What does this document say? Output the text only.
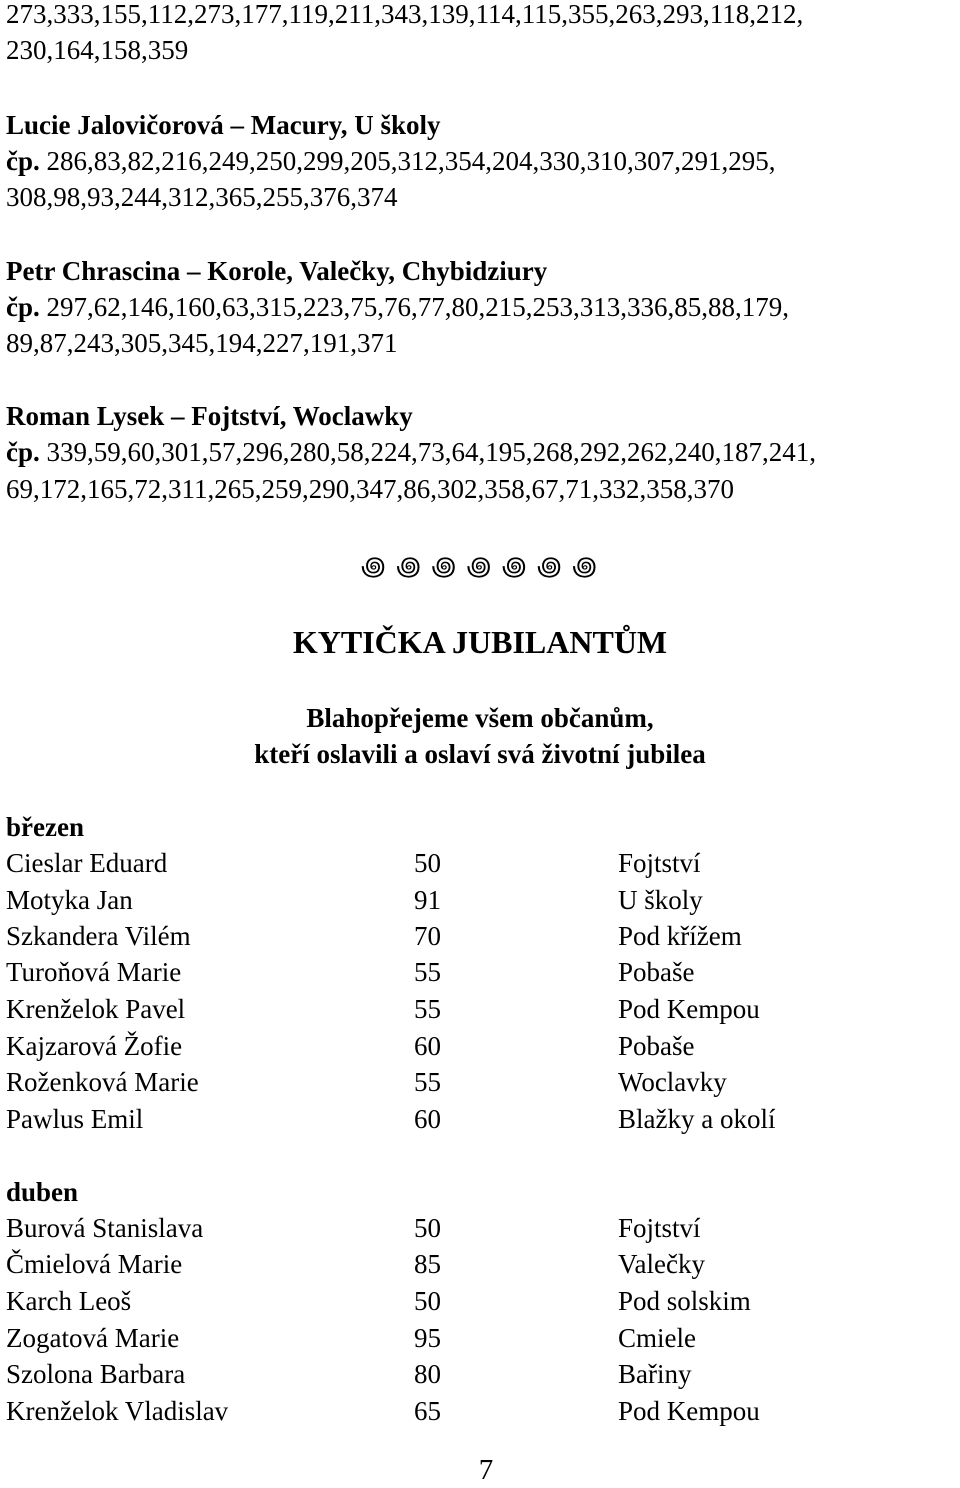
273,333,155,112,273,177,119,211,343,139,114,115,355,263,293,118,212,
230,164,158,359
Lucie Jalovičorová – Macury, U školy
čp. 286,83,82,216,249,250,299,205,312,354,204,330,310,307,291,295,
308,98,93,244,312,365,255,376,374
Petr Chrascina – Korole, Valečky, Chybidziury
čp. 297,62,146,160,63,315,223,75,76,77,80,215,253,313,336,85,88,179,
89,87,243,305,345,194,227,191,371
Roman Lysek – Fojtství, Woclawky
čp. 339,59,60,301,57,296,280,58,224,73,64,195,268,292,262,240,187,241,
69,172,165,72,311,265,259,290,347,86,302,358,67,71,332,358,370
꩜ ꩜ ꩜ ꩜ ꩜ ꩜ ꩜
KYTIČKA JUBILANTŮM
Blahopřejeme všem občanům,
kteří oslavili a oslaví svá životní jubilea
březen
Cieslar Eduard	50	Fojtství
Motyka Jan	91	U školy
Szkandera Vilém	70	Pod křížem
Turoňová Marie	55	Pobaše
Krenželok Pavel	55	Pod Kempou
Kajzarová Žofie	60	Pobaše
Roženková Marie	55	Woclavky
Pawlus Emil	60	Blažky a okolí
duben
Burová Stanislava	50	Fojtství
Čmielová Marie	85	Valečky
Karch Leoš	50	Pod solskim
Zogatová Marie	95	Cmiele
Szolona Barbara	80	Bařiny
Krenželok Vladislav	65	Pod Kempou
7
